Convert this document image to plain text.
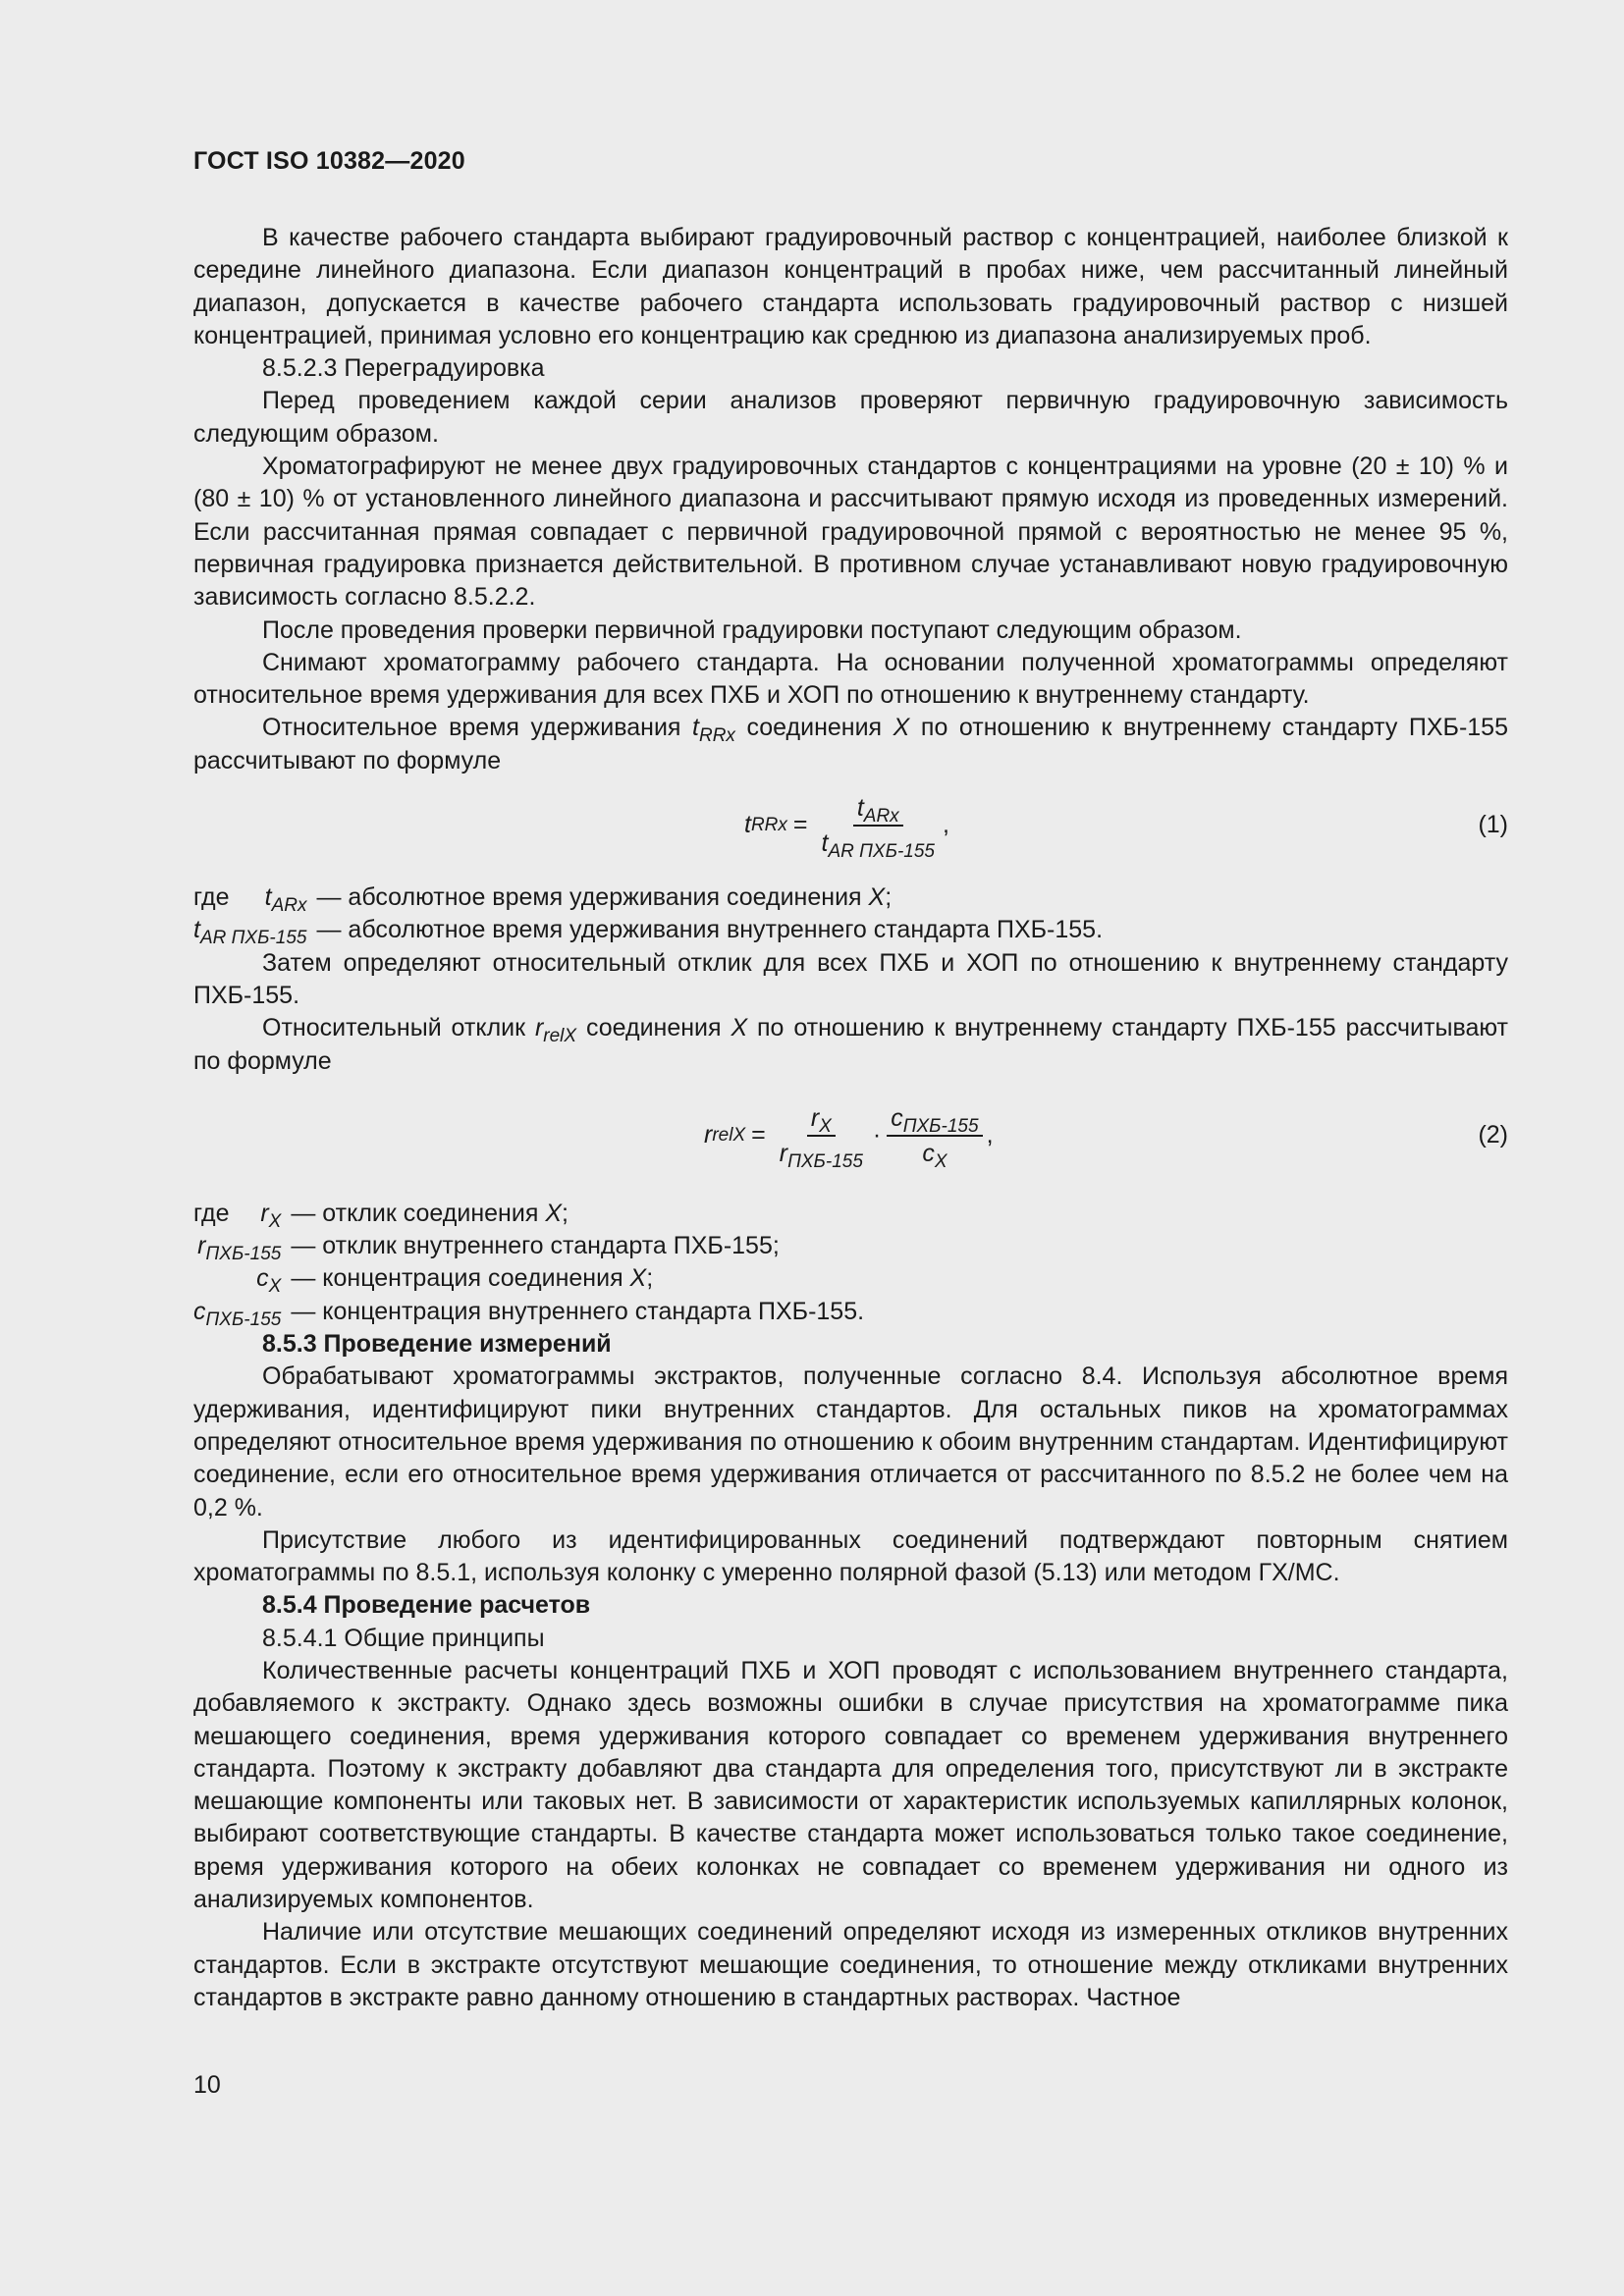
ГОСТ ISO 10382—2020

В качестве рабочего стандарта выбирают градуировочный раствор с концентрацией, наиболее близкой к середине линейного диапазона. Если диапазон концентраций в пробах ниже, чем рассчитанный линейный диапазон, допускается в качестве рабочего стандарта использовать градуировочный раствор с низшей концентрацией, принимая условно его концентрацию как среднюю из диапазона анализируемых проб.

8.5.2.3 Перегрaдуировка

Перед проведением каждой серии анализов проверяют первичную градуировочную зависимость следующим образом.

Хроматографируют не менее двух градуировочных стандартов с концентрациями на уровне (20 ± 10) % и (80 ± 10) % от установленного линейного диапазона и рассчитывают прямую исходя из проведенных измерений. Если рассчитанная прямая совпадает с первичной градуировочной прямой с вероятностью не менее 95 %, первичная градуировка признается действительной. В противном случае устанавливают новую градуировочную зависимость согласно 8.5.2.2.

После проведения проверки первичной градуировки поступают следующим образом.

Снимают хроматограмму рабочего стандарта. На основании полученной хроматограммы определяют относительное время удерживания для всех ПХБ и ХОП по отношению к внутреннему стандарту.

Относительное время удерживания $t_{RRx}$ соединения X по отношению к внутреннему стандарту ПХБ-155 рассчитывают по формуле

t RRx = $\frac{t_{ARx}}{t_{AR ПХБ-155}}$ ,	(1)
где	$t_{ARx}$	— абсолютное время удерживания соединения X;
$t_{AR ПХБ-155}$		— абсолютное время удерживания внутреннего стандарта ПХБ-155.

Затем определяют относительный отклик для всех ПХБ и ХОП по отношению к внутреннему стандарту ПХБ-155.

Относительный отклик $r_{relX}$ соединения X по отношению к внутреннему стандарту ПХБ-155 рассчитывают по формуле

r relX = $\frac{r_X}{r_{ПХБ-155}} \cdot \frac{c_{ПХБ-155}}{c_X}$ ,	(2)
где	$r_X$	— отклик соединения X;
$r_{ПХБ-155}$		— отклик внутреннего стандарта ПХБ-155;
$c_X$		— концентрация соединения X;
$c_{ПХБ-155}$		— концентрация внутреннего стандарта ПХБ-155.

8.5.3 Проведение измерений

Обрабатывают хроматограммы экстрактов, полученные согласно 8.4. Используя абсолютное время удерживания, идентифицируют пики внутренних стандартов. Для остальных пиков на хроматограммах определяют относительное время удерживания по отношению к обоим внутренним стандартам. Идентифицируют соединение, если его относительное время удерживания отличается от рассчитанного по 8.5.2 не более чем на 0,2 %.

Присутствие любого из идентифицированных соединений подтверждают повторным снятием хроматограммы по 8.5.1, используя колонку с умеренно полярной фазой (5.13) или методом ГХ/МС.

8.5.4 Проведение расчетов

8.5.4.1 Общие принципы

Количественные расчеты концентраций ПХБ и ХОП проводят с использованием внутреннего стандарта, добавляемого к экстракту. Однако здесь возможны ошибки в случае присутствия на хроматограмме пика мешающего соединения, время удерживания которого совпадает со временем удерживания внутреннего стандарта. Поэтому к экстракту добавляют два стандарта для определения того, присутствуют ли в экстракте мешающие компоненты или таковых нет. В зависимости от характеристик используемых капиллярных колонок, выбирают соответствующие стандарты. В качестве стандарта может использоваться только такое соединение, время удерживания которого на обеих колонках не совпадает со временем удерживания ни одного из анализируемых компонентов.

Наличие или отсутствие мешающих соединений определяют исходя из измеренных откликов внутренних стандартов. Если в экстракте отсутствуют мешающие соединения, то отношение между откликами внутренних стандартов в экстракте равно данному отношению в стандартных растворах. Частное

10
